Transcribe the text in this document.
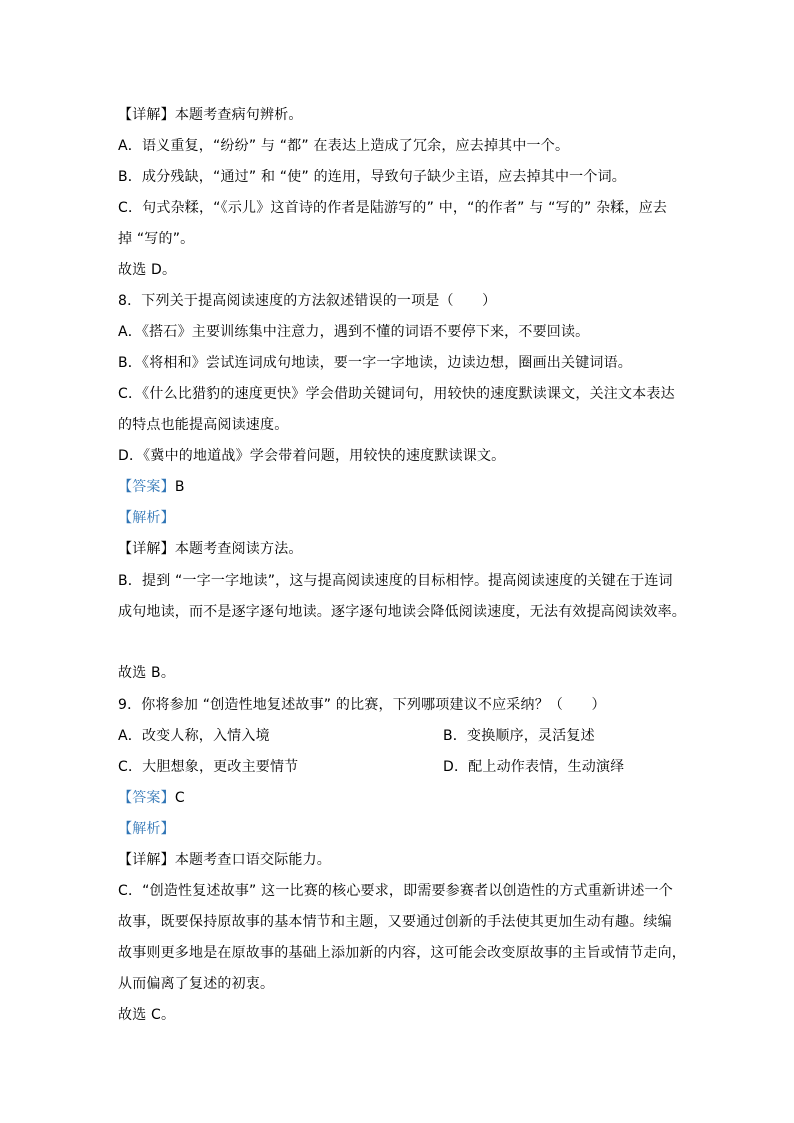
【详解】本题考查病句辨析。
A．语义重复，“纷纷” 与 “都” 在表达上造成了冗余，应去掉其中一个。
B．成分残缺，“通过” 和 “使” 的连用，导致句子缺少主语，应去掉其中一个词。
C．句式杂糅，“《示儿》这首诗的作者是陆游写的” 中，“的作者” 与 “写的” 杂糅，应去
掉 “写的”。
故选 D。
8．下列关于提高阅读速度的方法叙述错误的一项是（　　）
A．《搭石》主要训练集中注意力，遇到不懂的词语不要停下来，不要回读。
B．《将相和》尝试连词成句地读，要一字一字地读，边读边想，圈画出关键词语。
C．《什么比猎豹的速度更快》学会借助关键词句，用较快的速度默读课文，关注文本表达
的特点也能提高阅读速度。
D．《冀中的地道战》学会带着问题，用较快的速度默读课文。
【答案】B
【解析】
【详解】本题考查阅读方法。
B．提到 “一字一字地读”，这与提高阅读速度的目标相悖。提高阅读速度的关键在于连词
成句地读，而不是逐字逐句地读。逐字逐句地读会降低阅读速度，无法有效提高阅读效率。
故选 B。
9．你将参加 “创造性地复述故事” 的比赛，下列哪项建议不应采纳？（　　）
A．改变人称，入情入境	B．变换顺序，灵活复述
C．大胆想象，更改主要情节	D．配上动作表情，生动演绎
【答案】C
【解析】
【详解】本题考查口语交际能力。
C．“创造性复述故事” 这一比赛的核心要求，即需要参赛者以创造性的方式重新讲述一个
故事，既要保持原故事的基本情节和主题，又要通过创新的手法使其更加生动有趣。续编
故事则更多地是在原故事的基础上添加新的内容，这可能会改变原故事的主旨或情节走向，
从而偏离了复述的初衷。
故选 C。
